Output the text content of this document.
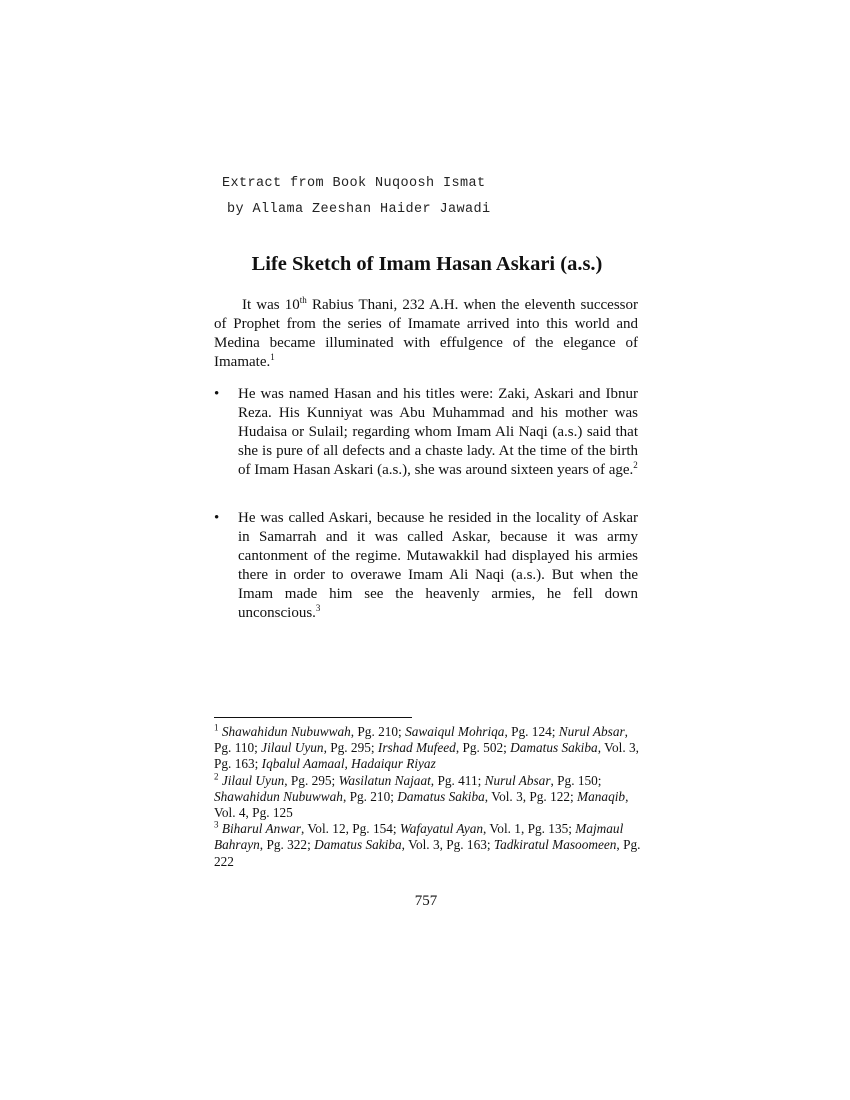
Extract from Book Nuqoosh Ismat
by Allama Zeeshan Haider Jawadi
Life Sketch of Imam Hasan Askari (a.s.)

It was 10th Rabius Thani, 232 A.H. when the eleventh successor of Prophet from the series of Imamate arrived into this world and Medina became illuminated with effulgence of the elegance of Imamate.$^1$

• He was named Hasan and his titles were: Zaki, Askari and Ibnur Reza. His Kunniyat was Abu Muhammad and his mother was Hudaisa or Sulail; regarding whom Imam Ali Naqi (a.s.) said that she is pure of all defects and a chaste lady. At the time of the birth of Imam Hasan Askari (a.s.), she was around sixteen years of age.$^2$
• He was called Askari, because he resided in the locality of Askar in Samarrah and it was called Askar, because it was army cantonment of the regime. Mutawakkil had displayed his armies there in order to overawe Imam Ali Naqi (a.s.). But when the Imam made him see the heavenly armies, he fell down unconscious.$^3$

$^1$ Shawahidun Nubuwwah, Pg. 210; Sawaiqul Mohriqa, Pg. 124; Nurul Absar, Pg. 110; Jilaul Uyun, Pg. 295; Irshad Mufeed, Pg. 502; Damatus Sakiba, Vol. 3, Pg. 163; Iqbalul Aamaal, Hadaiqur Riyaz

$^2$ Jilaul Uyun, Pg. 295; Wasilatun Najaat, Pg. 411; Nurul Absar, Pg. 150; Shawahidun Nubuwwah, Pg. 210; Damatus Sakiba, Vol. 3, Pg. 122; Manaqib, Vol. 4, Pg. 125

$^3$ Biharul Anwar, Vol. 12, Pg. 154; Wafayatul Ayan, Vol. 1, Pg. 135; Majmaul Bahrayn, Pg. 322; Damatus Sakiba, Vol. 3, Pg. 163; Tadkiratul Masoomeen, Pg. 222

757
